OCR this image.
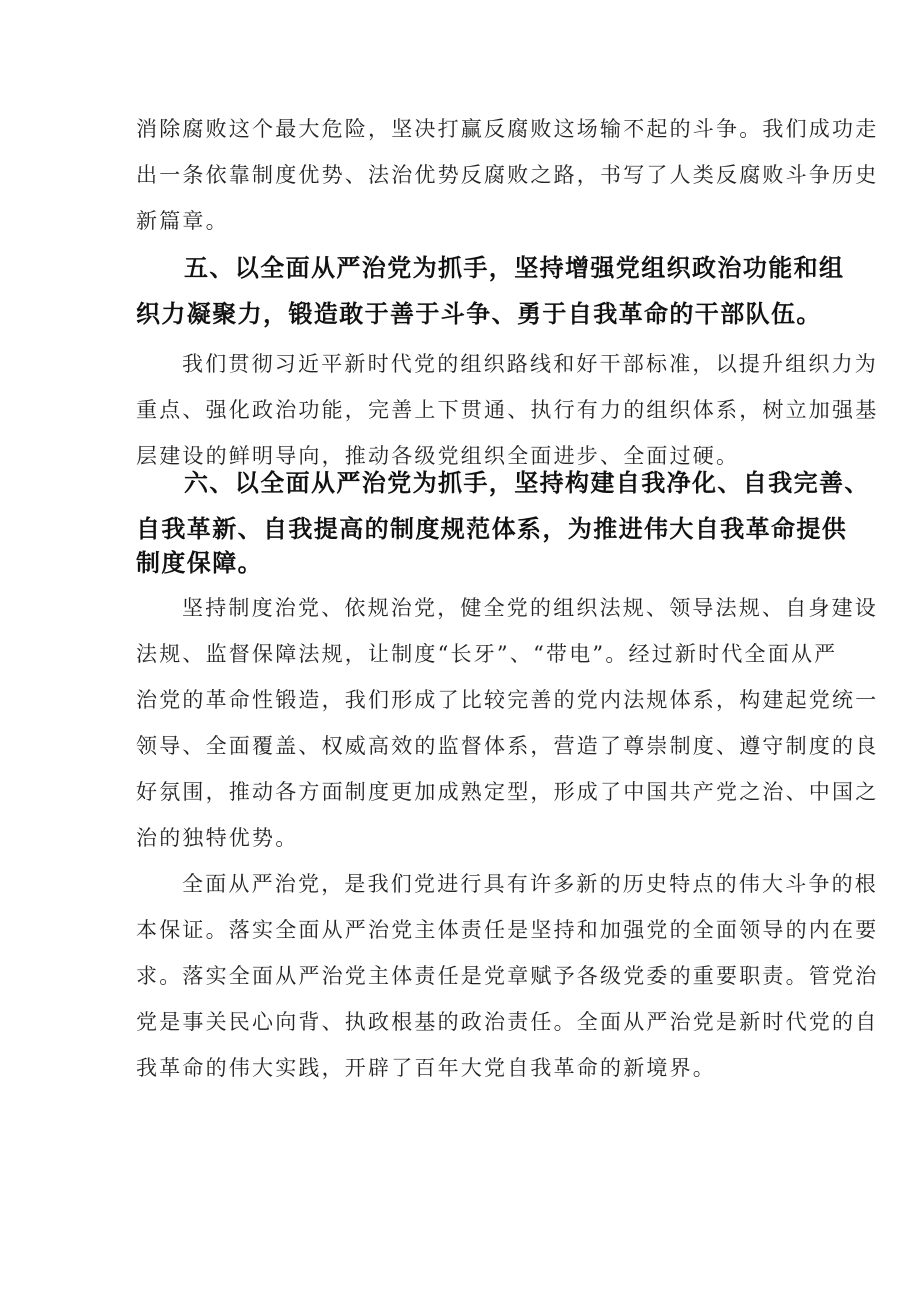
消除腐败这个最大危险，坚决打赢反腐败这场输不起的斗争。我们成功走
出一条依靠制度优势、法治优势反腐败之路，书写了人类反腐败斗争历史
新篇章。
五、以全面从严治党为抓手，坚持增强党组织政治功能和组
织力凝聚力，锻造敢于善于斗争、勇于自我革命的干部队伍。
我们贯彻习近平新时代党的组织路线和好干部标准，以提升组织力为
重点、强化政治功能，完善上下贯通、执行有力的组织体系，树立加强基
层建设的鲜明导向，推动各级党组织全面进步、全面过硬。
六、以全面从严治党为抓手，坚持构建自我净化、自我完善、
自我革新、自我提高的制度规范体系，为推进伟大自我革命提供
制度保障。
坚持制度治党、依规治党，健全党的组织法规、领导法规、自身建设
法规、监督保障法规，让制度“长牙”、“带电”。经过新时代全面从严
治党的革命性锻造，我们形成了比较完善的党内法规体系，构建起党统一
领导、全面覆盖、权威高效的监督体系，营造了尊崇制度、遵守制度的良
好氛围，推动各方面制度更加成熟定型，形成了中国共产党之治、中国之
治的独特优势。
全面从严治党，是我们党进行具有许多新的历史特点的伟大斗争的根
本保证。落实全面从严治党主体责任是坚持和加强党的全面领导的内在要
求。落实全面从严治党主体责任是党章赋予各级党委的重要职责。管党治
党是事关民心向背、执政根基的政治责任。全面从严治党是新时代党的自
我革命的伟大实践，开辟了百年大党自我革命的新境界。
